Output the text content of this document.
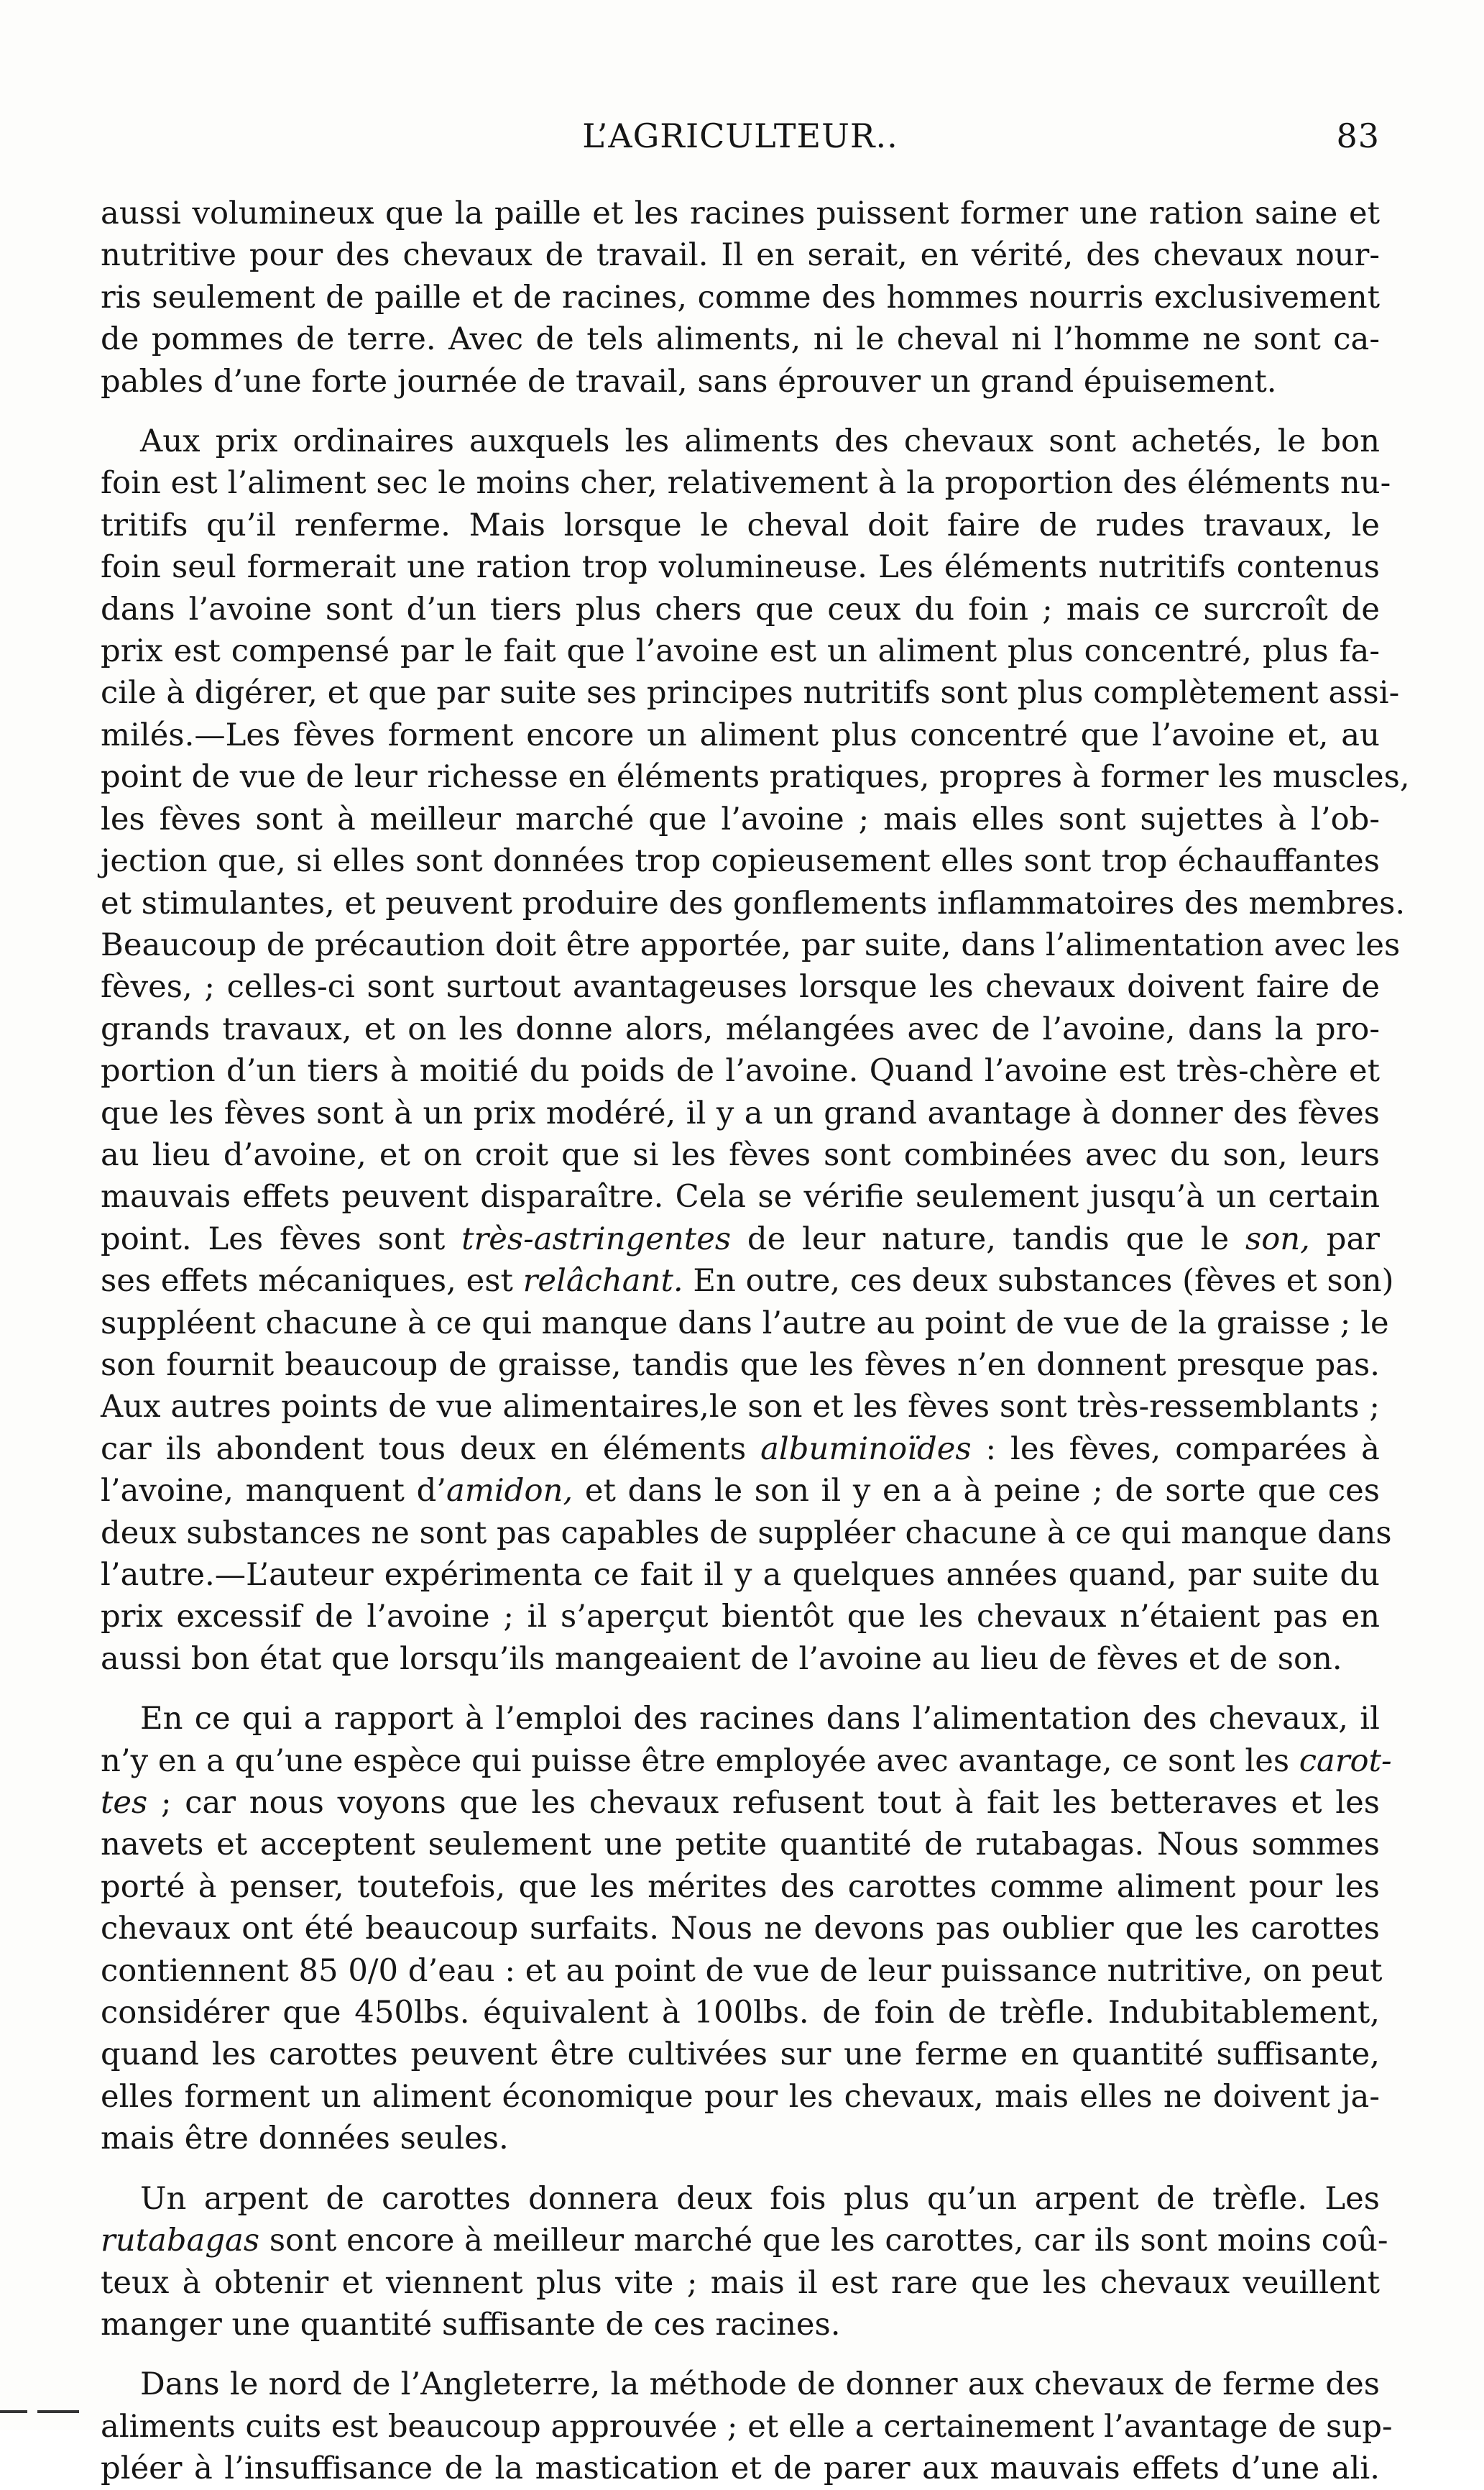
L’AGRICULTEUR..	83

aussi volumineux que la paille et les racines puissent former une ration saine et
nutritive pour des chevaux de travail. Il en serait, en vérité, des chevaux nour-
ris seulement de paille et de racines, comme des hommes nourris exclusivement
de pommes de terre. Avec de tels aliments, ni le cheval ni l’homme ne sont ca-
pables d’une forte journée de travail, sans éprouver un grand épuisement.

Aux prix ordinaires auxquels les aliments des chevaux sont achetés, le bon
foin est l’aliment sec le moins cher, relativement à la proportion des éléments nu-
tritifs qu’il renferme. Mais lorsque le cheval doit faire de rudes travaux, le
foin seul formerait une ration trop volumineuse. Les éléments nutritifs contenus
dans l’avoine sont d’un tiers plus chers que ceux du foin ; mais ce surcroît de
prix est compensé par le fait que l’avoine est un aliment plus concentré, plus fa-
cile à digérer, et que par suite ses principes nutritifs sont plus complètement assi-
milés.—Les fèves forment encore un aliment plus concentré que l’avoine et, au
point de vue de leur richesse en éléments pratiques, propres à former les muscles,
les fèves sont à meilleur marché que l’avoine ; mais elles sont sujettes à l’ob-
jection que, si elles sont données trop copieusement elles sont trop échauffantes
et stimulantes, et peuvent produire des gonflements inflammatoires des membres.
Beaucoup de précaution doit être apportée, par suite, dans l’alimentation avec les
fèves, ; celles-ci sont surtout avantageuses lorsque les chevaux doivent faire de
grands travaux, et on les donne alors, mélangées avec de l’avoine, dans la pro-
portion d’un tiers à moitié du poids de l’avoine. Quand l’avoine est très-chère et
que les fèves sont à un prix modéré, il y a un grand avantage à donner des fèves
au lieu d’avoine, et on croit que si les fèves sont combinées avec du son, leurs
mauvais effets peuvent disparaître. Cela se vérifie seulement jusqu’à un certain
point. Les fèves sont très-astringentes de leur nature, tandis que le son, par
ses effets mécaniques, est relâchant. En outre, ces deux substances (fèves et son)
suppléent chacune à ce qui manque dans l’autre au point de vue de la graisse ; le
son fournit beaucoup de graisse, tandis que les fèves n’en donnent presque pas.
Aux autres points de vue alimentaires,le son et les fèves sont très-ressemblants ;
car ils abondent tous deux en éléments albuminoïdes : les fèves, comparées à
l’avoine, manquent d’amidon, et dans le son il y en a à peine ; de sorte que ces
deux substances ne sont pas capables de suppléer chacune à ce qui manque dans
l’autre.—L’auteur expérimenta ce fait il y a quelques années quand, par suite du
prix excessif de l’avoine ; il s’aperçut bientôt que les chevaux n’étaient pas en
aussi bon état que lorsqu’ils mangeaient de l’avoine au lieu de fèves et de son.

En ce qui a rapport à l’emploi des racines dans l’alimentation des chevaux, il
n’y en a qu’une espèce qui puisse être employée avec avantage, ce sont les carot-
tes ; car nous voyons que les chevaux refusent tout à fait les betteraves et les
navets et acceptent seulement une petite quantité de rutabagas. Nous sommes
porté à penser, toutefois, que les mérites des carottes comme aliment pour les
chevaux ont été beaucoup surfaits. Nous ne devons pas oublier que les carottes
contiennent 85 0/0 d’eau : et au point de vue de leur puissance nutritive, on peut
considérer que 450lbs. équivalent à 100lbs. de foin de trèfle. Indubitablement,
quand les carottes peuvent être cultivées sur une ferme en quantité suffisante,
elles forment un aliment économique pour les chevaux, mais elles ne doivent ja-
mais être données seules.

Un arpent de carottes donnera deux fois plus qu’un arpent de trèfle. Les
rutabagas sont encore à meilleur marché que les carottes, car ils sont moins coû-
teux à obtenir et viennent plus vite ; mais il est rare que les chevaux veuillent
manger une quantité suffisante de ces racines.

Dans le nord de l’Angleterre, la méthode de donner aux chevaux de ferme des
aliments cuits est beaucoup approuvée ; et elle a certainement l’avantage de sup-
pléer à l’insuffisance de la mastication et de parer aux mauvais effets d’une ali.
